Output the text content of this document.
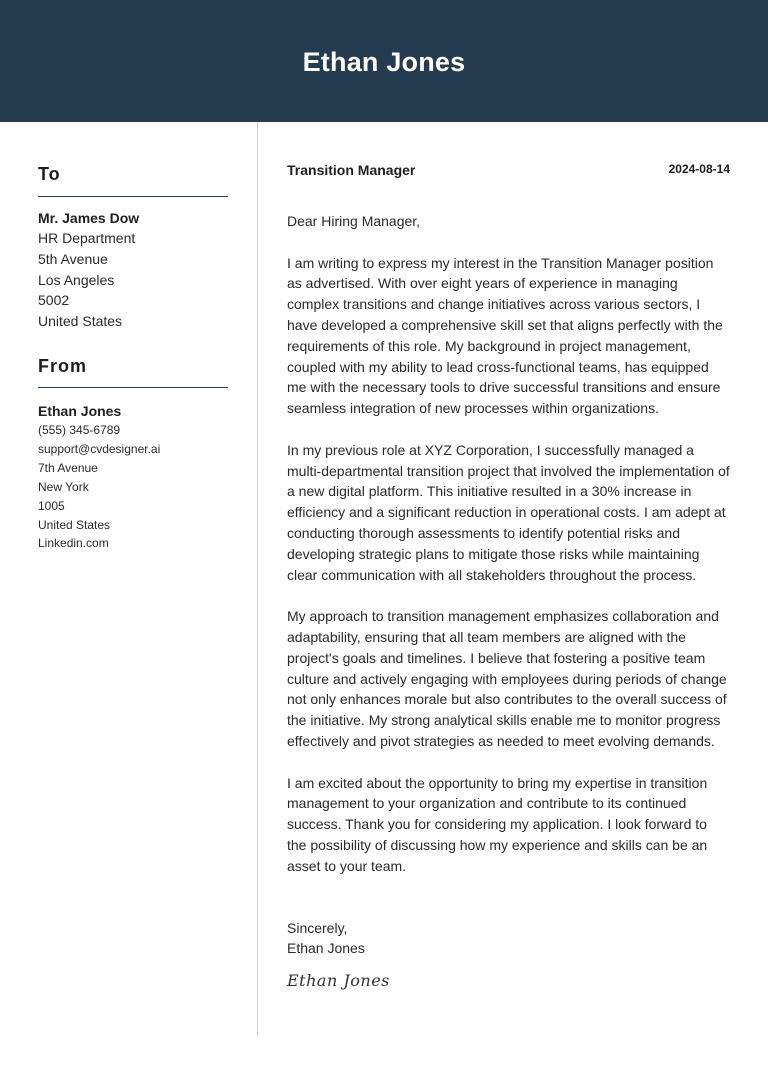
Ethan Jones
To
Mr. James Dow
HR Department
5th Avenue
Los Angeles
5002
United States
From
Ethan Jones
(555) 345-6789
support@cvdesigner.ai
7th Avenue
New York
1005
United States
Linkedin.com
Transition Manager	2024-08-14

Dear Hiring Manager,

I am writing to express my interest in the Transition Manager position as advertised. With over eight years of experience in managing complex transitions and change initiatives across various sectors, I have developed a comprehensive skill set that aligns perfectly with the requirements of this role. My background in project management, coupled with my ability to lead cross-functional teams, has equipped me with the necessary tools to drive successful transitions and ensure seamless integration of new processes within organizations.

In my previous role at XYZ Corporation, I successfully managed a multi-departmental transition project that involved the implementation of a new digital platform. This initiative resulted in a 30% increase in efficiency and a significant reduction in operational costs. I am adept at conducting thorough assessments to identify potential risks and developing strategic plans to mitigate those risks while maintaining clear communication with all stakeholders throughout the process.

My approach to transition management emphasizes collaboration and adaptability, ensuring that all team members are aligned with the project's goals and timelines. I believe that fostering a positive team culture and actively engaging with employees during periods of change not only enhances morale but also contributes to the overall success of the initiative. My strong analytical skills enable me to monitor progress effectively and pivot strategies as needed to meet evolving demands.

I am excited about the opportunity to bring my expertise in transition management to your organization and contribute to its continued success. Thank you for considering my application. I look forward to the possibility of discussing how my experience and skills can be an asset to your team.

Sincerely,
Ethan Jones
Ethan Jones
